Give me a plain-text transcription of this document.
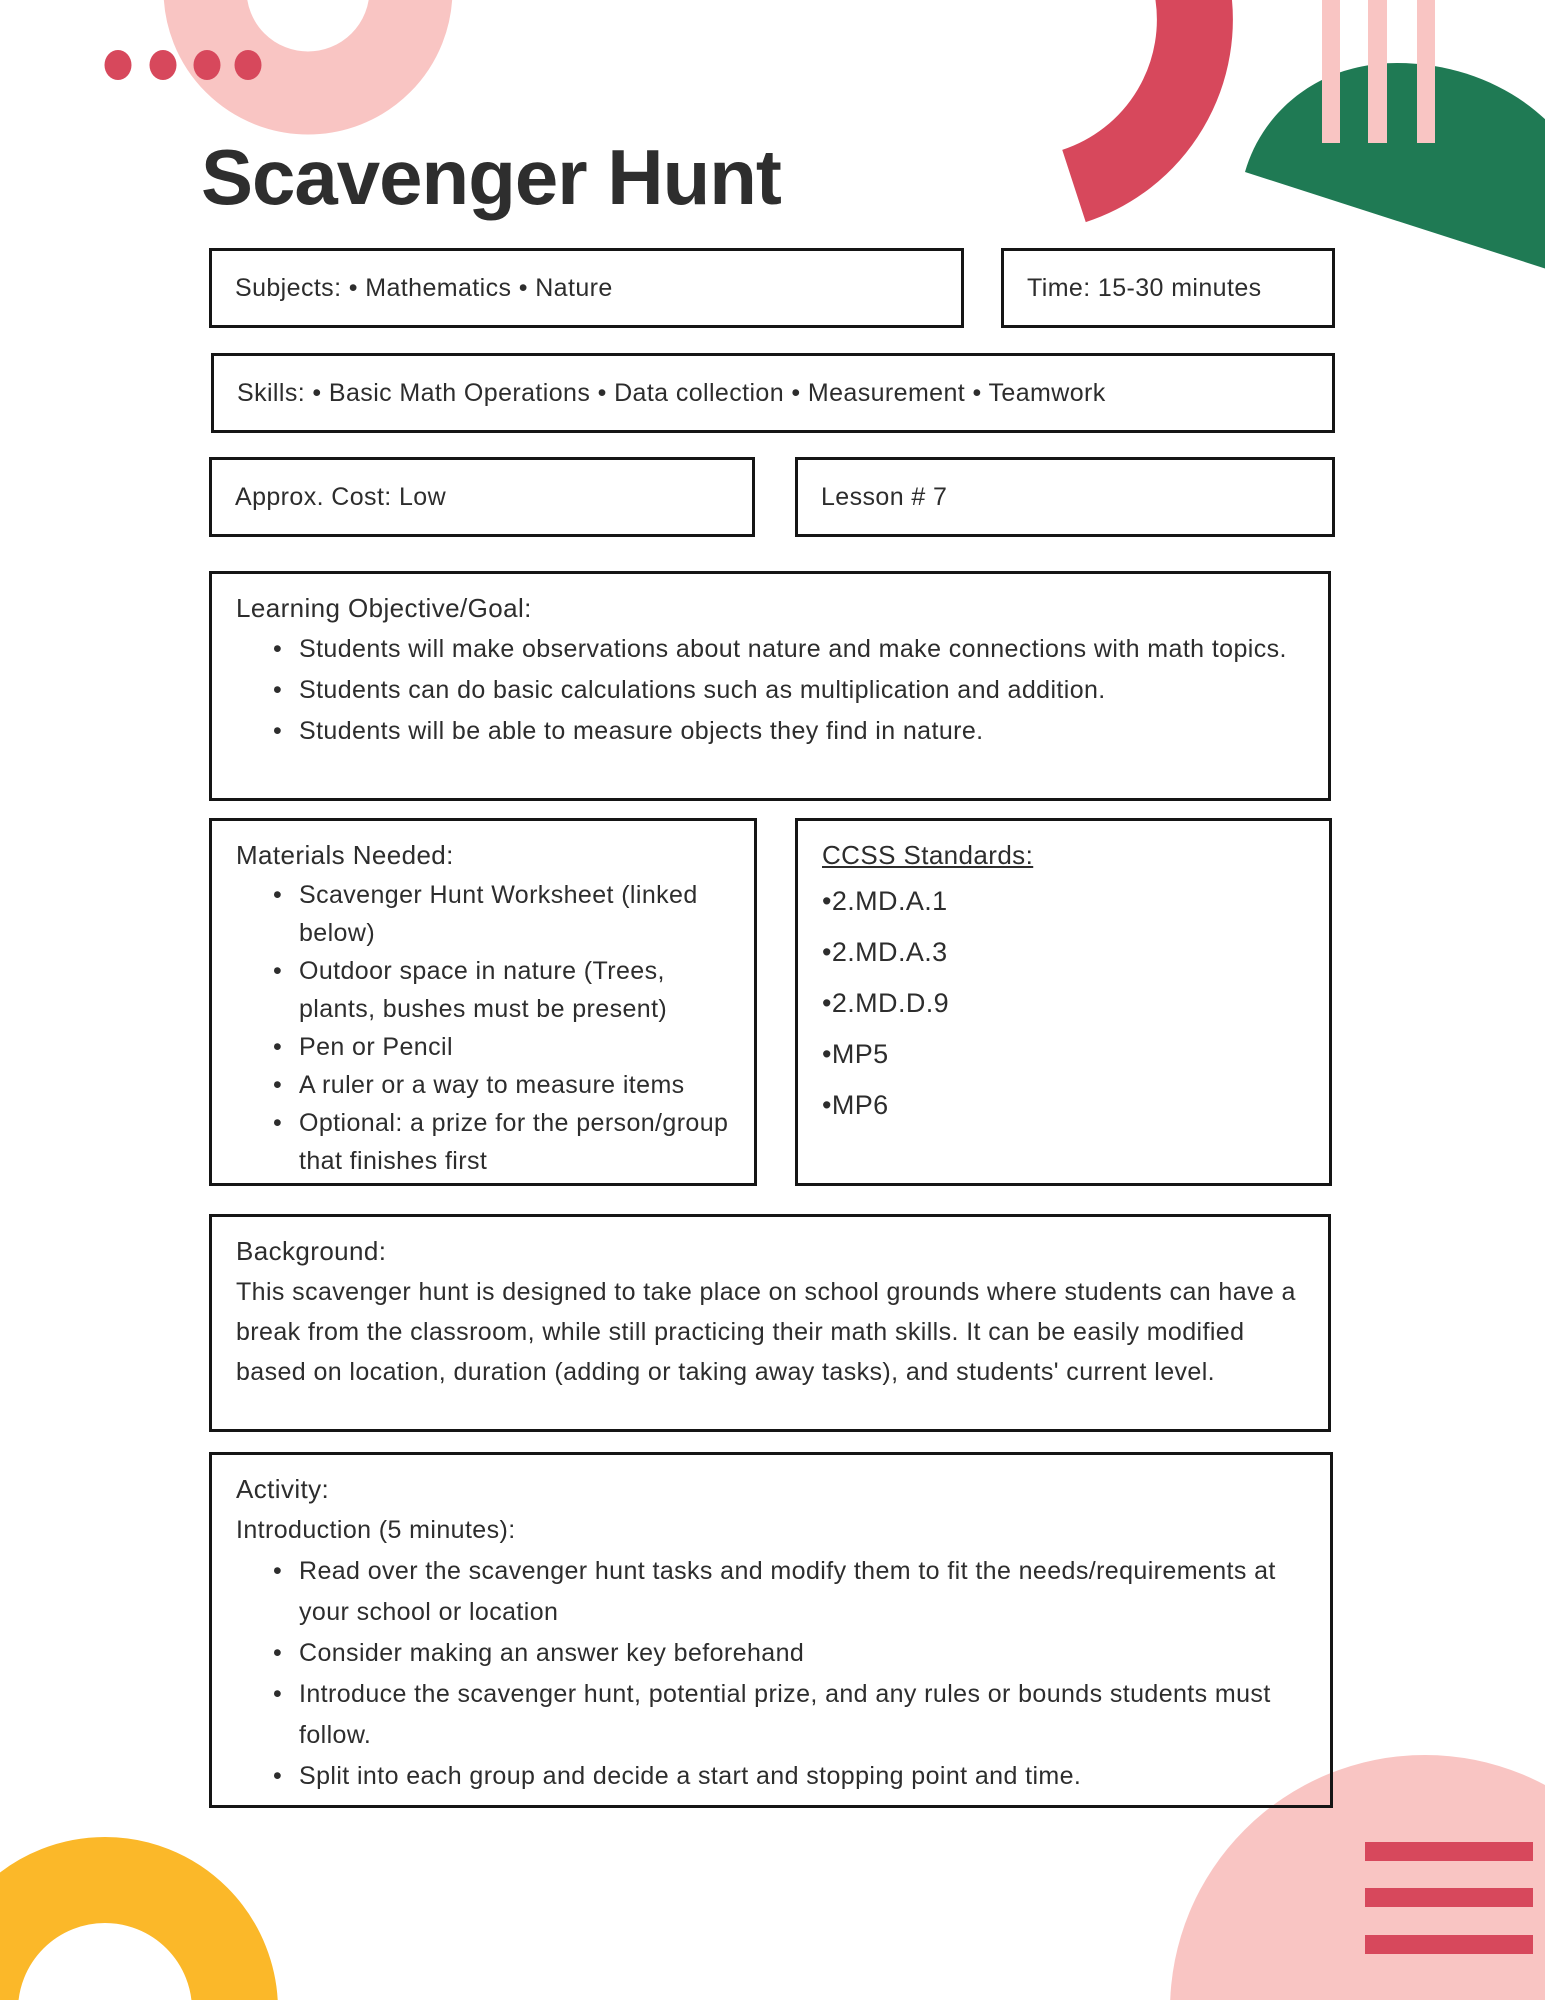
Scavenger Hunt
Subjects: • Mathematics • Nature	Time: 15-30 minutes
Skills: • Basic Math Operations • Data collection • Measurement • Teamwork
Approx. Cost: Low	Lesson # 7
Learning Objective/Goal:
• Students will make observations about nature and make connections with math topics.
• Students can do basic calculations such as multiplication and addition.
• Students will be able to measure objects they find in nature.
Materials Needed:
• Scavenger Hunt Worksheet (linked below)
• Outdoor space in nature (Trees, plants, bushes must be present)
• Pen or Pencil
• A ruler or a way to measure items
• Optional: a prize for the person/group that finishes first
CCSS Standards:
•2.MD.A.1
•2.MD.A.3
•2.MD.D.9
•MP5
•MP6
Background:

This scavenger hunt is designed to take place on school grounds where students can have a break from the classroom, while still practicing their math skills. It can be easily modified based on location, duration (adding or taking away tasks), and students' current level.

Activity:
Introduction (5 minutes):
• Read over the scavenger hunt tasks and modify them to fit the needs/requirements at your school or location
• Consider making an answer key beforehand
• Introduce the scavenger hunt, potential prize, and any rules or bounds students must follow.
• Split into each group and decide a start and stopping point and time.
